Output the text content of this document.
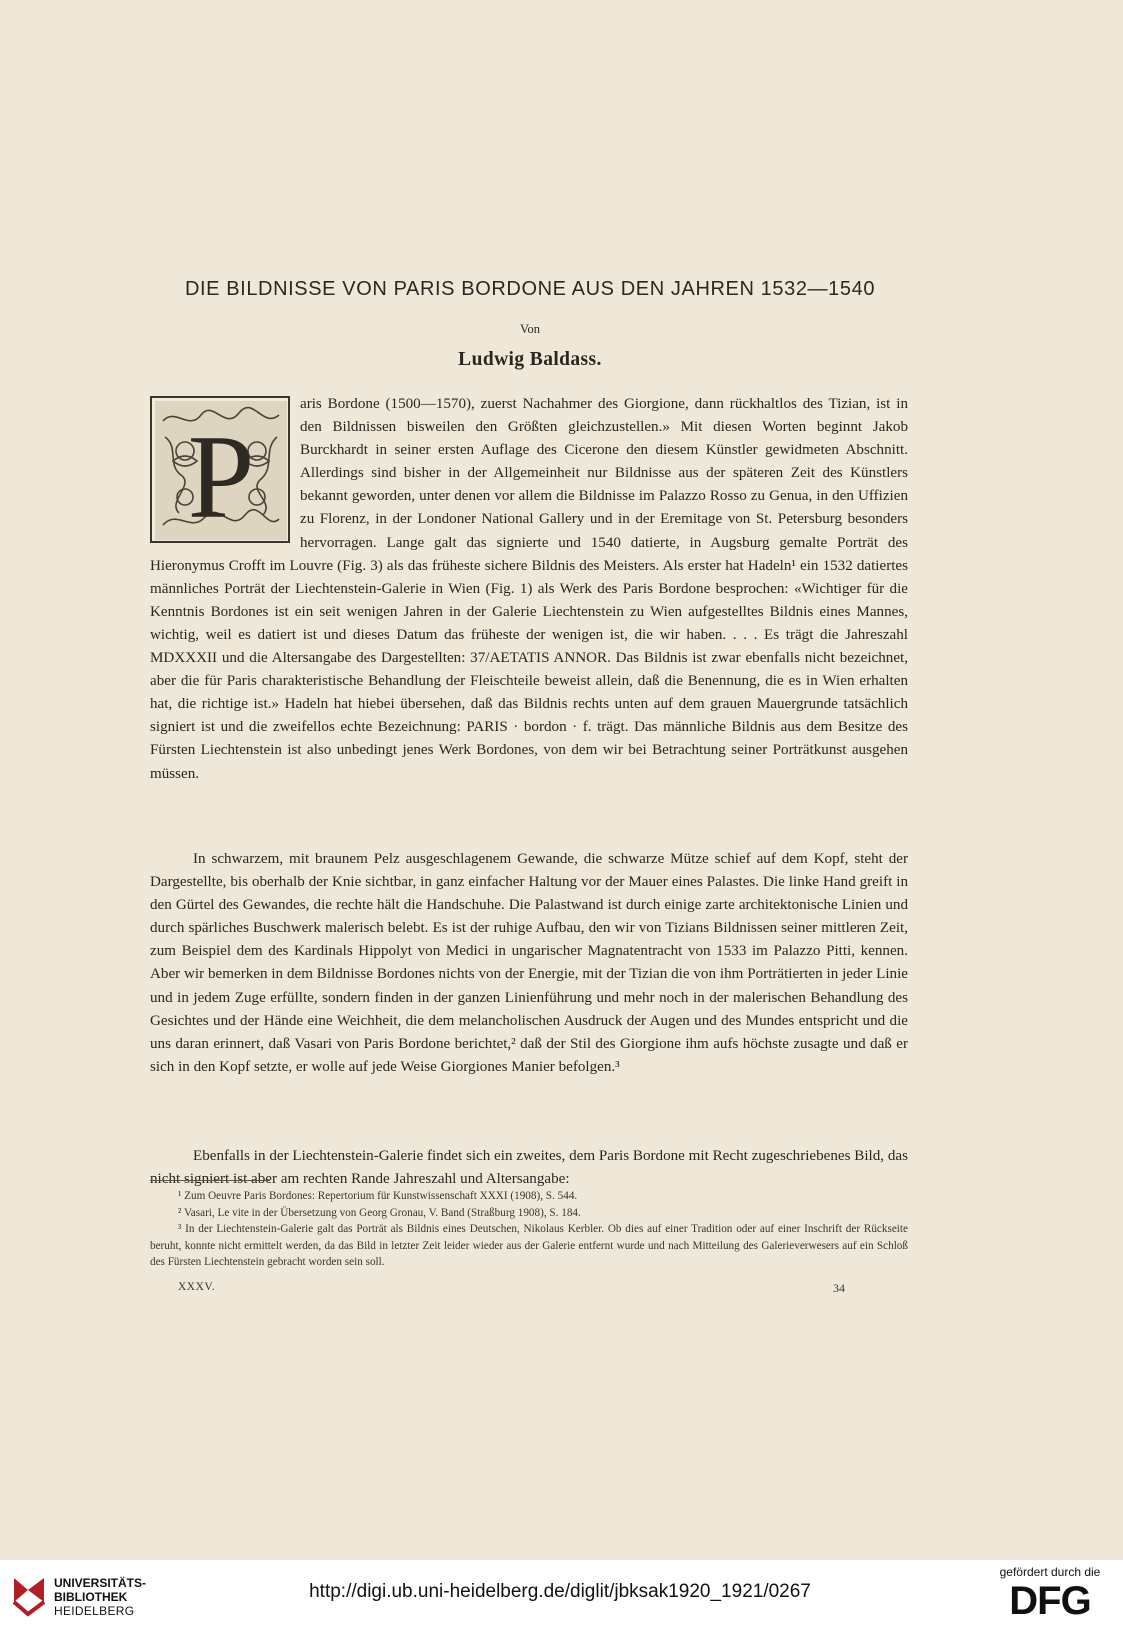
DIE BILDNISSE VON PARIS BORDONE AUS DEN JAHREN 1532—1540
Von
Ludwig Baldass.
P
aris Bordone (1500—1570), zuerst Nachahmer des Giorgione, dann rückhaltlos des Tizian, ist in den Bildnissen bisweilen den Größten gleichzustellen.» Mit diesen Worten beginnt Jakob Burckhardt in seiner ersten Auflage des Cicerone den diesem Künstler gewidmeten Abschnitt. Allerdings sind bisher in der Allgemeinheit nur Bildnisse aus der späteren Zeit des Künstlers bekannt geworden, unter denen vor allem die Bildnisse im Palazzo Rosso zu Genua, in den Uffizien zu Florenz, in der Londoner National Gallery und in der Eremitage von St. Petersburg besonders hervorragen. Lange galt das signierte und 1540 datierte, in Augsburg gemalte Porträt des Hieronymus Crofft im Louvre (Fig. 3) als das früheste sichere Bildnis des Meisters. Als erster hat Hadeln¹ ein 1532 datiertes männliches Porträt der Liechtenstein-Galerie in Wien (Fig. 1) als Werk des Paris Bordone besprochen: «Wichtiger für die Kenntnis Bordones ist ein seit wenigen Jahren in der Galerie Liechtenstein zu Wien aufgestelltes Bildnis eines Mannes, wichtig, weil es datiert ist und dieses Datum das früheste der wenigen ist, die wir haben. . . . Es trägt die Jahreszahl MDXXXII und die Altersangabe des Dargestellten: 37/AETATIS ANNOR. Das Bildnis ist zwar ebenfalls nicht bezeichnet, aber die für Paris charakteristische Behandlung der Fleischteile beweist allein, daß die Benennung, die es in Wien erhalten hat, die richtige ist.» Hadeln hat hiebei übersehen, daß das Bildnis rechts unten auf dem grauen Mauergrunde tatsächlich signiert ist und die zweifellos echte Bezeichnung: PARIS · bordon · f. trägt. Das männliche Bildnis aus dem Besitze des Fürsten Liechtenstein ist also unbedingt jenes Werk Bordones, von dem wir bei Betrachtung seiner Porträtkunst ausgehen müssen.
In schwarzem, mit braunem Pelz ausgeschlagenem Gewande, die schwarze Mütze schief auf dem Kopf, steht der Dargestellte, bis oberhalb der Knie sichtbar, in ganz einfacher Haltung vor der Mauer eines Palastes. Die linke Hand greift in den Gürtel des Gewandes, die rechte hält die Handschuhe. Die Palastwand ist durch einige zarte architektonische Linien und durch spärliches Buschwerk malerisch belebt. Es ist der ruhige Aufbau, den wir von Tizians Bildnissen seiner mittleren Zeit, zum Beispiel dem des Kardinals Hippolyt von Medici in ungarischer Magnatentracht von 1533 im Palazzo Pitti, kennen. Aber wir bemerken in dem Bildnisse Bordones nichts von der Energie, mit der Tizian die von ihm Porträtierten in jeder Linie und in jedem Zuge erfüllte, sondern finden in der ganzen Linienführung und mehr noch in der malerischen Behandlung des Gesichtes und der Hände eine Weichheit, die dem melancholischen Ausdruck der Augen und des Mundes entspricht und die uns daran erinnert, daß Vasari von Paris Bordone berichtet,² daß der Stil des Giorgione ihm aufs höchste zusagte und daß er sich in den Kopf setzte, er wolle auf jede Weise Giorgiones Manier befolgen.³
Ebenfalls in der Liechtenstein-Galerie findet sich ein zweites, dem Paris Bordone mit Recht zugeschriebenes Bild, das nicht signiert ist aber am rechten Rande Jahreszahl und Altersangabe:

¹ Zum Oeuvre Paris Bordones: Repertorium für Kunstwissenschaft XXXI (1908), S. 544.

² Vasari, Le vite in der Übersetzung von Georg Gronau, V. Band (Straßburg 1908), S. 184.

³ In der Liechtenstein-Galerie galt das Porträt als Bildnis eines Deutschen, Nikolaus Kerbler. Ob dies auf einer Tradition oder auf einer Inschrift der Rückseite beruht, konnte nicht ermittelt werden, da das Bild in letzter Zeit leider wieder aus der Galerie entfernt wurde und nach Mitteilung des Galerieverwesers auf ein Schloß des Fürsten Liechtenstein gebracht worden sein soll.

XXXV.	34
UNIVERSITÄTS-
BIBLIOTHEK
HEIDELBERG
http://digi.ub.uni-heidelberg.de/diglit/jbksak1920_1921/0267
gefördert durch die
DFG
